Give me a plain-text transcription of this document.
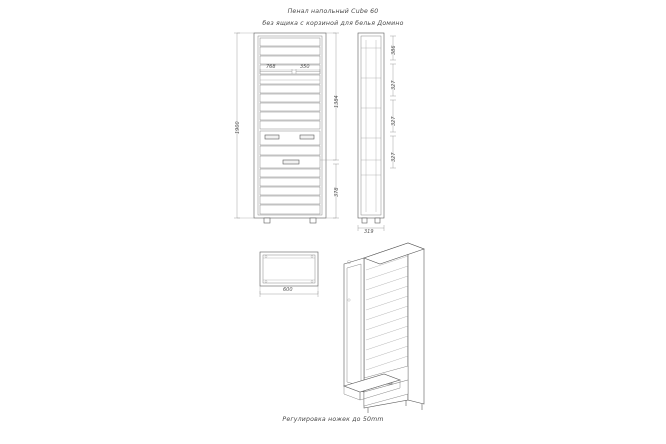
Пенал напольный Cube 60
без ящика с корзиной для белья Домино
Регулировка ножек до 50mm
768	350
1900
1384
378
319
386
327
327
327
600
